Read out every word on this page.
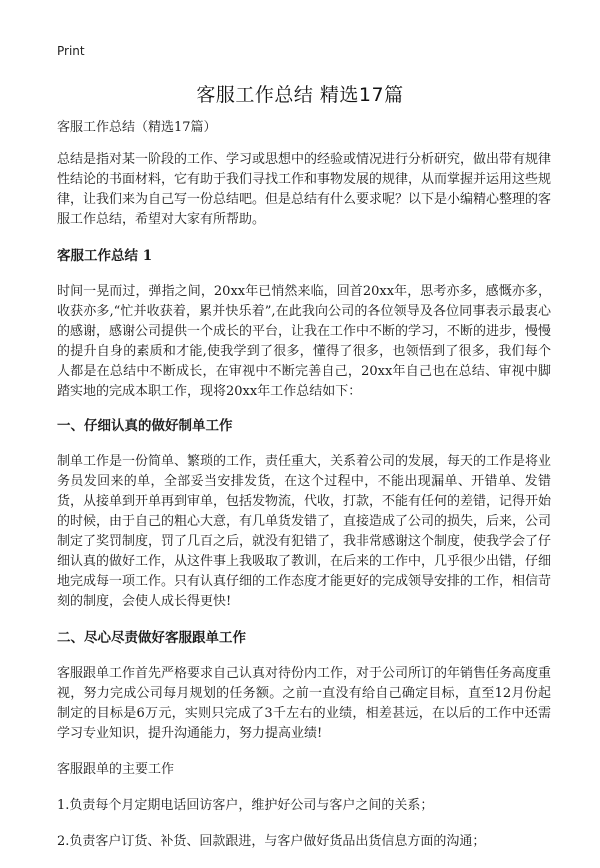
Print
客服工作总结 精选17篇

客服工作总结（精选17篇）

总结是指对某一阶段的工作、学习或思想中的经验或情况进行分析研究，做出带有规律性结论的书面材料，它有助于我们寻找工作和事物发展的规律，从而掌握并运用这些规律，让我们来为自己写一份总结吧。但是总结有什么要求呢？以下是小编精心整理的客服工作总结，希望对大家有所帮助。

客服工作总结 1

时间一晃而过，弹指之间，20xx年已悄然来临，回首20xx年，思考亦多，感慨亦多，收获亦多,“忙并收获着，累并快乐着”,在此我向公司的各位领导及各位同事表示最衷心的感谢，感谢公司提供一个成长的平台，让我在工作中不断的学习，不断的进步，慢慢的提升自身的素质和才能,使我学到了很多，懂得了很多，也领悟到了很多，我们每个人都是在总结中不断成长，在审视中不断完善自己，20xx年自己也在总结、审视中脚踏实地的完成本职工作，现将20xx年工作总结如下：

一、仔细认真的做好制单工作

制单工作是一份简单、繁琐的工作，责任重大，关系着公司的发展，每天的工作是将业务员发回来的单，全部妥当安排发货，在这个过程中，不能出现漏单、开错单、发错货，从接单到开单再到审单，包括发物流，代收，打款，不能有任何的差错，记得开始的时候，由于自己的粗心大意，有几单货发错了，直接造成了公司的损失，后来，公司制定了奖罚制度，罚了几百之后，就没有犯错了，我非常感谢这个制度，使我学会了仔细认真的做好工作，从这件事上我吸取了教训，在后来的工作中，几乎很少出错，仔细地完成每一项工作。只有认真仔细的工作态度才能更好的完成领导安排的工作，相信苛刻的制度，会使人成长得更快!

二、尽心尽责做好客服跟单工作

客服跟单工作首先严格要求自己认真对待份内工作，对于公司所订的年销售任务高度重视，努力完成公司每月规划的任务额。之前一直没有给自己确定目标，直至12月份起制定的目标是6万元，实则只完成了3千左右的业绩，相差甚远，在以后的工作中还需学习专业知识，提升沟通能力，努力提高业绩!

客服跟单的主要工作

1.负责每个月定期电话回访客户，维护好公司与客户之间的关系；

2.负责客户订货、补货、回款跟进，与客户做好货品出货信息方面的沟通；
